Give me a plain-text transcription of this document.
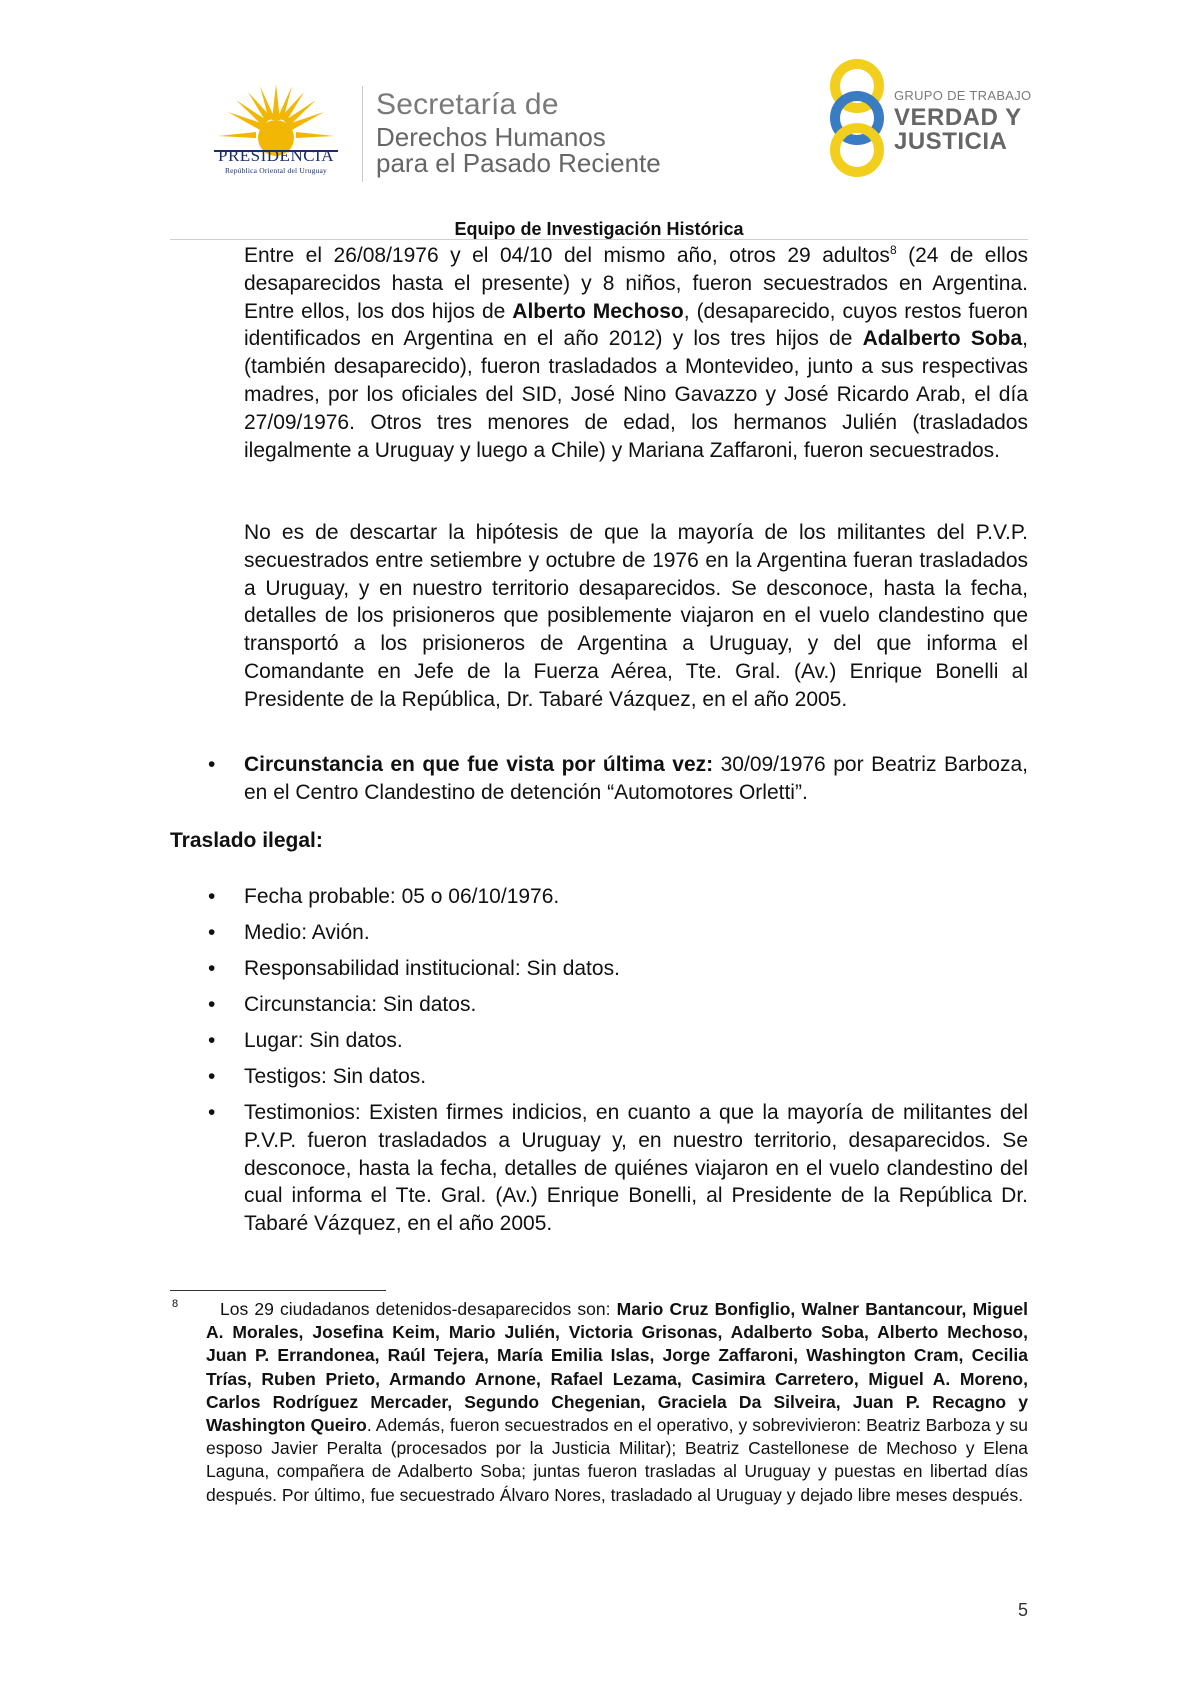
PRESIDENCIA
República Oriental del Uruguay
Secretaría de
Derechos Humanos
para el Pasado Reciente
GRUPO DE TRABAJO
VERDAD Y
JUSTICIA
Equipo de Investigación Histórica

Entre el 26/08/1976 y el 04/10 del mismo año, otros 29 adultos$^8$ (24 de ellos desaparecidos hasta el presente) y 8 niños, fueron secuestrados en Argentina. Entre ellos, los dos hijos de Alberto Mechoso, (desaparecido, cuyos restos fueron identificados en Argentina en el año 2012) y los tres hijos de Adalberto Soba, (también desaparecido), fueron trasladados a Montevideo, junto a sus respectivas madres, por los oficiales del SID, José Nino Gavazzo y José Ricardo Arab, el día 27/09/1976. Otros tres menores de edad, los hermanos Julién (trasladados ilegalmente a Uruguay y luego a Chile) y Mariana Zaffaroni, fueron secuestrados.

No es de descartar la hipótesis de que la mayoría de los militantes del P.V.P. secuestrados entre setiembre y octubre de 1976 en la Argentina fueran trasladados a Uruguay, y en nuestro territorio desaparecidos. Se desconoce, hasta la fecha, detalles de los prisioneros que posiblemente viajaron en el vuelo clandestino que transportó a los prisioneros de Argentina a Uruguay, y del que informa el Comandante en Jefe de la Fuerza Aérea, Tte. Gral. (Av.) Enrique Bonelli al Presidente de la República, Dr. Tabaré Vázquez, en el año 2005.

• Circunstancia en que fue vista por última vez: 30/09/1976 por Beatriz Barboza, en el Centro Clandestino de detención “Automotores Orletti”.

Traslado ilegal:
• Fecha probable: 05 o 06/10/1976.

• Medio: Avión.

• Responsabilidad institucional: Sin datos.

• Circunstancia: Sin datos.

• Lugar: Sin datos.

• Testigos: Sin datos.

• Testimonios: Existen firmes indicios, en cuanto a que la mayoría de militantes del P.V.P. fueron trasladados a Uruguay y, en nuestro territorio, desaparecidos. Se desconoce, hasta la fecha, detalles de quiénes viajaron en el vuelo clandestino del cual informa el Tte. Gral. (Av.) Enrique Bonelli, al Presidente de la República Dr. Tabaré Vázquez, en el año 2005.

8	Los 29 ciudadanos detenidos-desaparecidos son: Mario Cruz Bonfiglio, Walner Bantancour, Miguel A. Morales, Josefina Keim, Mario Julién, Victoria Grisonas, Adalberto Soba, Alberto Mechoso, Juan P. Errandonea, Raúl Tejera, María Emilia Islas, Jorge Zaffaroni, Washington Cram, Cecilia Trías, Ruben Prieto, Armando Arnone, Rafael Lezama, Casimira Carretero, Miguel A. Moreno, Carlos Rodríguez Mercader, Segundo Chegenian, Graciela Da Silveira, Juan P. Recagno y Washington Queiro. Además, fueron secuestrados en el operativo, y sobrevivieron: Beatriz Barboza y su esposo Javier Peralta (procesados por la Justicia Militar); Beatriz Castellonese de Mechoso y Elena Laguna, compañera de Adalberto Soba; juntas fueron trasladas al Uruguay y puestas en libertad días después. Por último, fue secuestrado Álvaro Nores, trasladado al Uruguay y dejado libre meses después.

5
